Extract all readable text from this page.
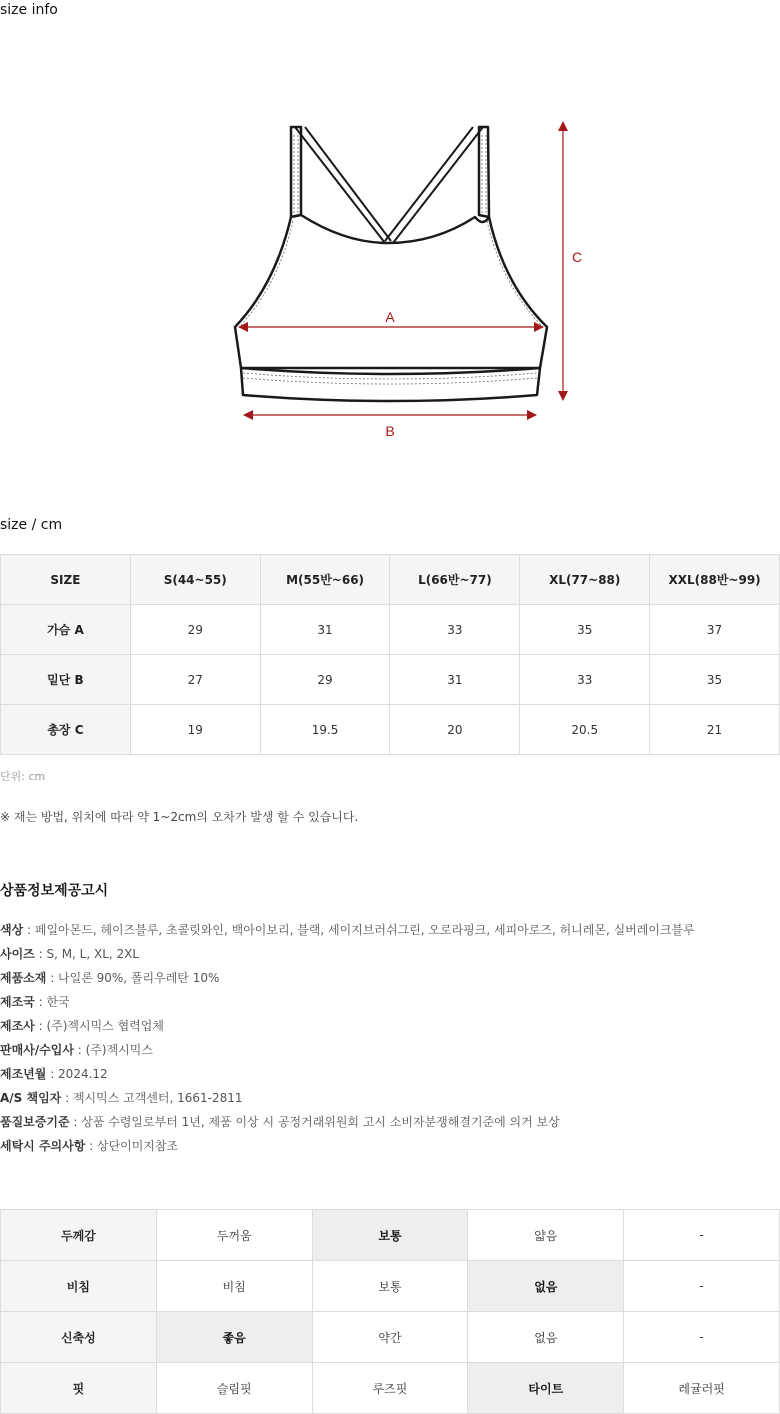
size info
A
B
C
size / cm
SIZE	S(44~55)	M(55반~66)	L(66반~77)	XL(77~88)	XXL(88반~99)
가슴 A	29	31	33	35	37
밑단 B	27	29	31	33	35
총장 C	19	19.5	20	20.5	21
단위: cm
※ 재는 방법, 위치에 따라 약 1~2cm의 오차가 발생 할 수 있습니다.
상품정보제공고시
색상 : 페일아몬드, 헤이즈블루, 초콜릿와인, 백아이보리, 블랙, 세이지브러쉬그린, 오로라핑크, 세피아로즈, 허니레몬, 실버레이크블루
사이즈 : S, M, L, XL, 2XL
제품소재 : 나일론 90%, 폴리우레탄 10%
제조국 : 한국
제조사 : (주)젝시믹스 협력업체
판매사/수입사 : (주)젝시믹스
제조년월 : 2024.12
A/S 책임자 : 젝시믹스 고객센터, 1661-2811
품질보증기준 : 상품 수령일로부터 1년, 제품 이상 시 공정거래위원회 고시 소비자분쟁해결기준에 의거 보상
세탁시 주의사항 : 상단이미지참조
두께감	두꺼움	보통	얇음	-
비침	비침	보통	없음	-
신축성	좋음	약간	없음	-
핏	슬림핏	루즈핏	타이트	레귤러핏
